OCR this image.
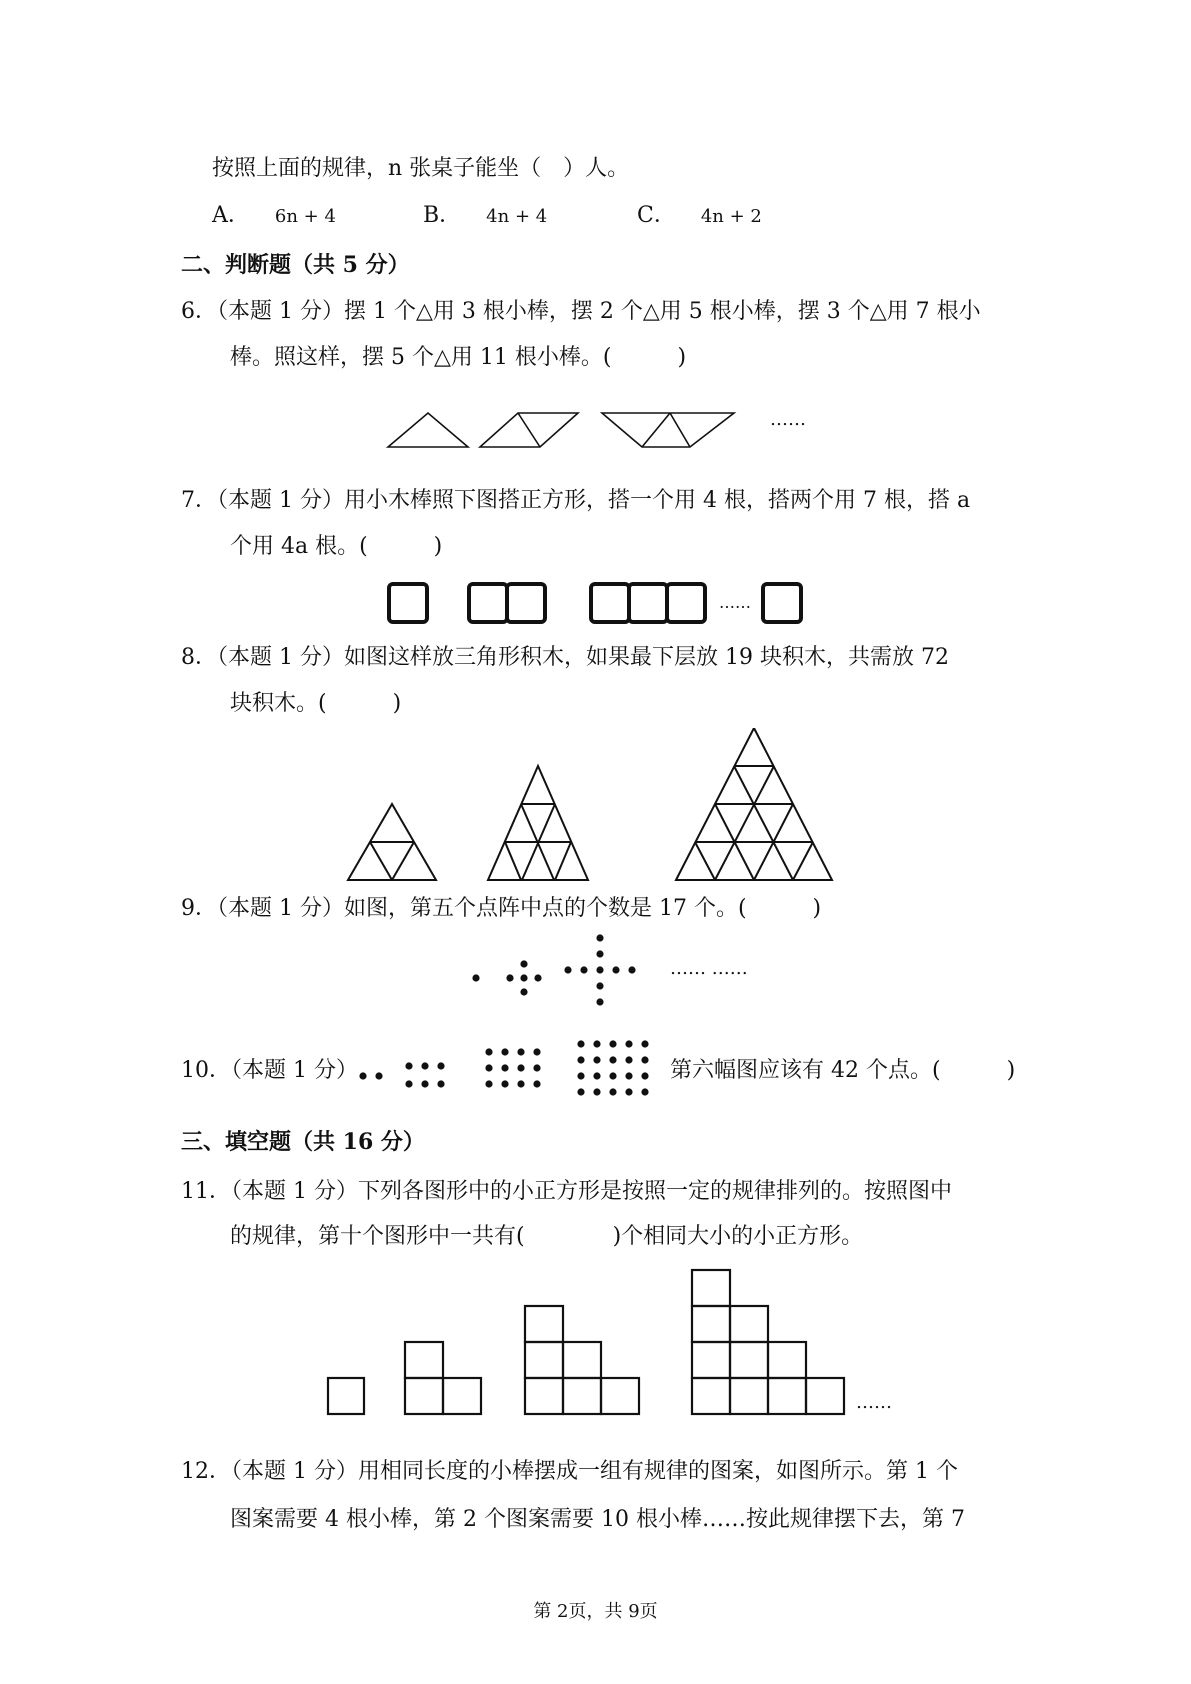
按照上面的规律，n 张桌子能坐（　）人。
A． 6n + 4	B． 4n + 4	C． 4n + 2
二、判断题（共 5 分）
6．（本题 1 分）摆 1 个△用 3 根小棒，摆 2 个△用 5 根小棒，摆 3 个△用 7 根小
棒。照这样，摆 5 个△用 11 根小棒。(　　　)
……
7．（本题 1 分）用小木棒照下图搭正方形，搭一个用 4 根，搭两个用 7 根，搭 a
个用 4a 根。(　　　)
……
8．（本题 1 分）如图这样放三角形积木，如果最下层放 19 块积木，共需放 72
块积木。(　　　)
9．（本题 1 分）如图，第五个点阵中点的个数是 17 个。(　　　)
…… ……
10．（本题 1 分）	第六幅图应该有 42 个点。(　　　)
三、填空题（共 16 分）
11．（本题 1 分）下列各图形中的小正方形是按照一定的规律排列的。按照图中
的规律，第十个图形中一共有(　　　　)个相同大小的小正方形。
……
12．（本题 1 分）用相同长度的小棒摆成一组有规律的图案，如图所示。第 1 个
图案需要 4 根小棒，第 2 个图案需要 10 根小棒……按此规律摆下去，第 7
第 2页，共 9页
